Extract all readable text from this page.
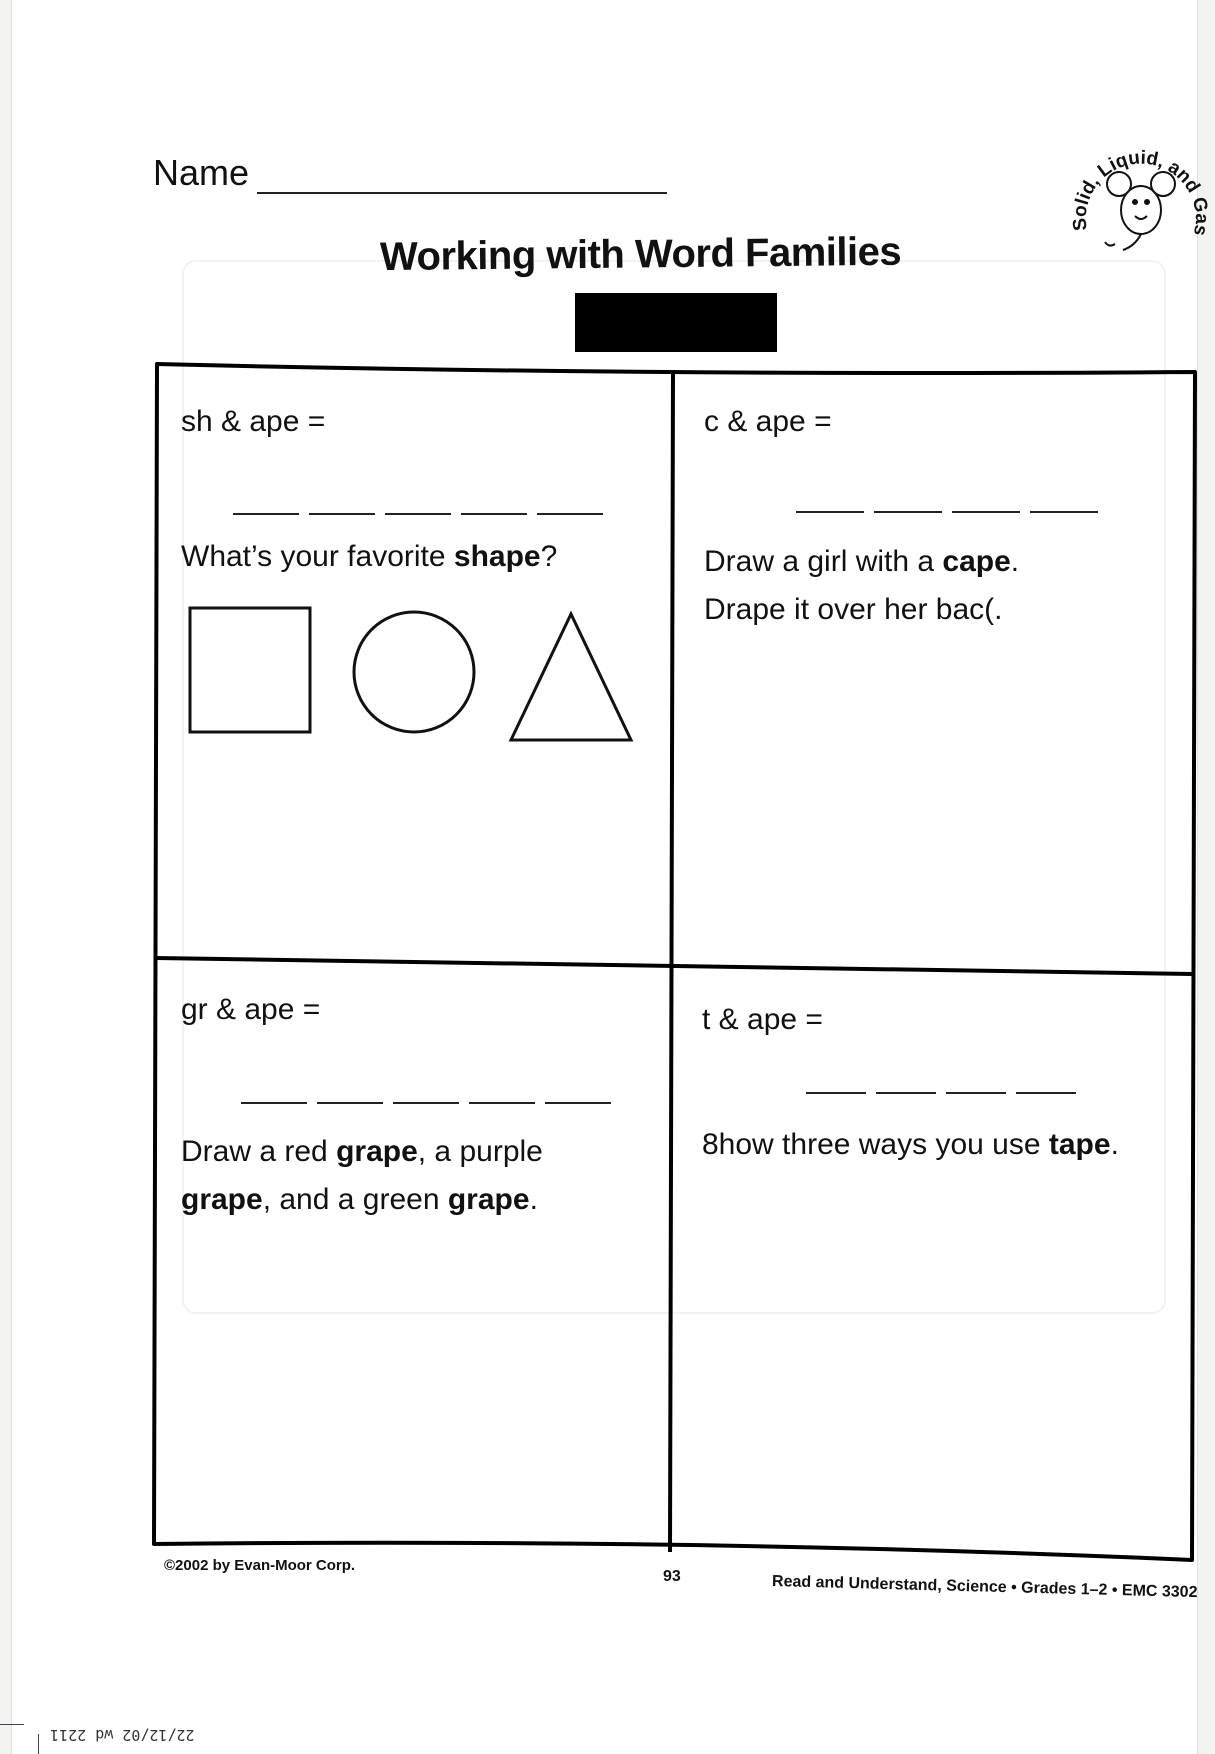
Name
Working with Word Families
Solid, Liquid, and Gas
sh & ape =
What’s your favorite shape?
c & ape =
Draw a girl with a cape.
Drape it over her bac(.
gr & ape =
Draw a red grape, a purple
grape, and a green grape.
t & ape =
8how three ways you use tape.
©2002 by Evan-Moor Corp.
93	Read and Understand, Science • Grades 1–2 • EMC 3302
22/12/02 wd 2211
